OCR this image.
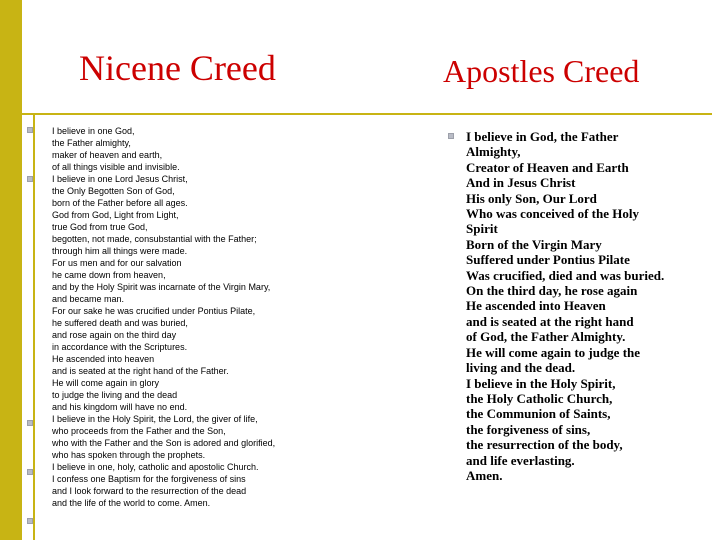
Nicene Creed	Apostles Creed
I believe in one God,
the Father almighty,
maker of heaven and earth,
of all things visible and invisible.
I believe in one Lord Jesus Christ,
the Only Begotten Son of God,
born of the Father before all ages.
God from God, Light from Light,
true God from true God,
begotten, not made, consubstantial with the Father;
through him all things were made.
For us men and for our salvation
he came down from heaven,
and by the Holy Spirit was incarnate of the Virgin Mary,
and became man.
For our sake he was crucified under Pontius Pilate,
he suffered death and was buried,
and rose again on the third day
in accordance with the Scriptures.
He ascended into heaven
and is seated at the right hand of the Father.
He will come again in glory
to judge the living and the dead
and his kingdom will have no end.
I believe in the Holy Spirit, the Lord, the giver of life,
who proceeds from the Father and the Son,
who with the Father and the Son is adored and glorified,
who has spoken through the prophets.
I believe in one, holy, catholic and apostolic Church.
I confess one Baptism for the forgiveness of sins
and I look forward to the resurrection of the dead
and the life of the world to come. Amen.
I believe in God, the Father
Almighty,
Creator of Heaven and Earth
And in Jesus Christ
His only Son, Our Lord
Who was conceived of the Holy
Spirit
Born of the Virgin Mary
Suffered under Pontius Pilate
Was crucified, died and was buried.
On the third day, he rose again
He ascended into Heaven
and is seated at the right hand
of God, the Father Almighty.
He will come again to judge the
living and the dead.
I believe in the Holy Spirit,
the Holy Catholic Church,
the Communion of Saints,
the forgiveness of sins,
the resurrection of the body,
and life everlasting.
Amen.
